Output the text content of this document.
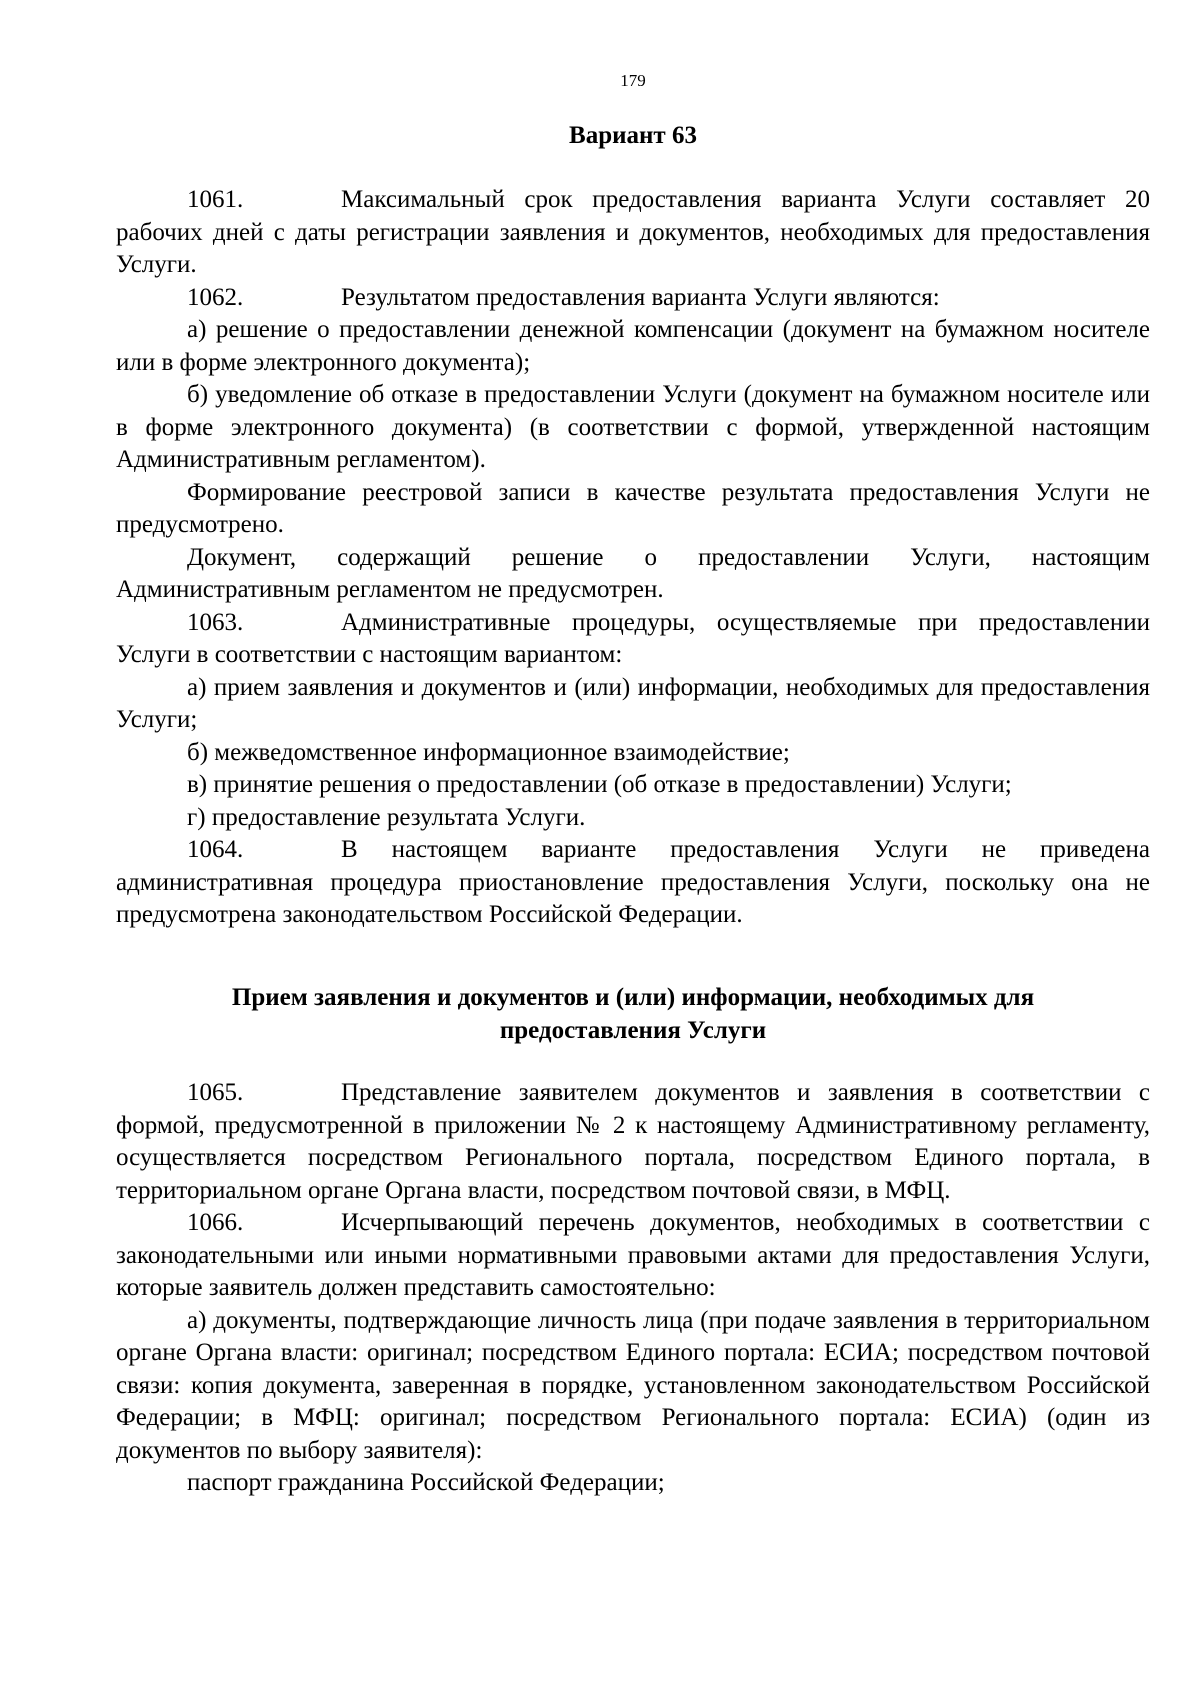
179
Вариант 63

1061.	Максимальный срок предоставления варианта Услуги составляет 20 рабочих дней с даты регистрации заявления и документов, необходимых для предоставления Услуги.

1062.	Результатом предоставления варианта Услуги являются:

а) решение о предоставлении денежной компенсации (документ на бумажном носителе или в форме электронного документа);

б) уведомление об отказе в предоставлении Услуги (документ на бумажном носителе или в форме электронного документа) (в соответствии с формой, утвержденной настоящим Административным регламентом).

Формирование реестровой записи в качестве результата предоставления Услуги не предусмотрено.

Документ, содержащий решение о предоставлении Услуги, настоящим Административным регламентом не предусмотрен.

1063.	Административные процедуры, осуществляемые при предоставлении Услуги в соответствии с настоящим вариантом:

а) прием заявления и документов и (или) информации, необходимых для предоставления Услуги;

б) межведомственное информационное взаимодействие;

в) принятие решения о предоставлении (об отказе в предоставлении) Услуги;

г) предоставление результата Услуги.

1064.	В настоящем варианте предоставления Услуги не приведена административная процедура приостановление предоставления Услуги, поскольку она не предусмотрена законодательством Российской Федерации.

Прием заявления и документов и (или) информации, необходимых для
предоставления Услуги

1065.	Представление заявителем документов и заявления в соответствии с формой, предусмотренной в приложении № 2 к настоящему Административному регламенту, осуществляется посредством Регионального портала, посредством Единого портала, в территориальном органе Органа власти, посредством почтовой связи, в МФЦ.

1066.	Исчерпывающий перечень документов, необходимых в соответствии с законодательными или иными нормативными правовыми актами для предоставления Услуги, которые заявитель должен представить самостоятельно:

а) документы, подтверждающие личность лица (при подаче заявления в территориальном органе Органа власти: оригинал; посредством Единого портала: ЕСИА; посредством почтовой связи: копия документа, заверенная в порядке, установленном законодательством Российской Федерации; в МФЦ: оригинал; посредством Регионального портала: ЕСИА) (один из документов по выбору заявителя):

паспорт гражданина Российской Федерации;
